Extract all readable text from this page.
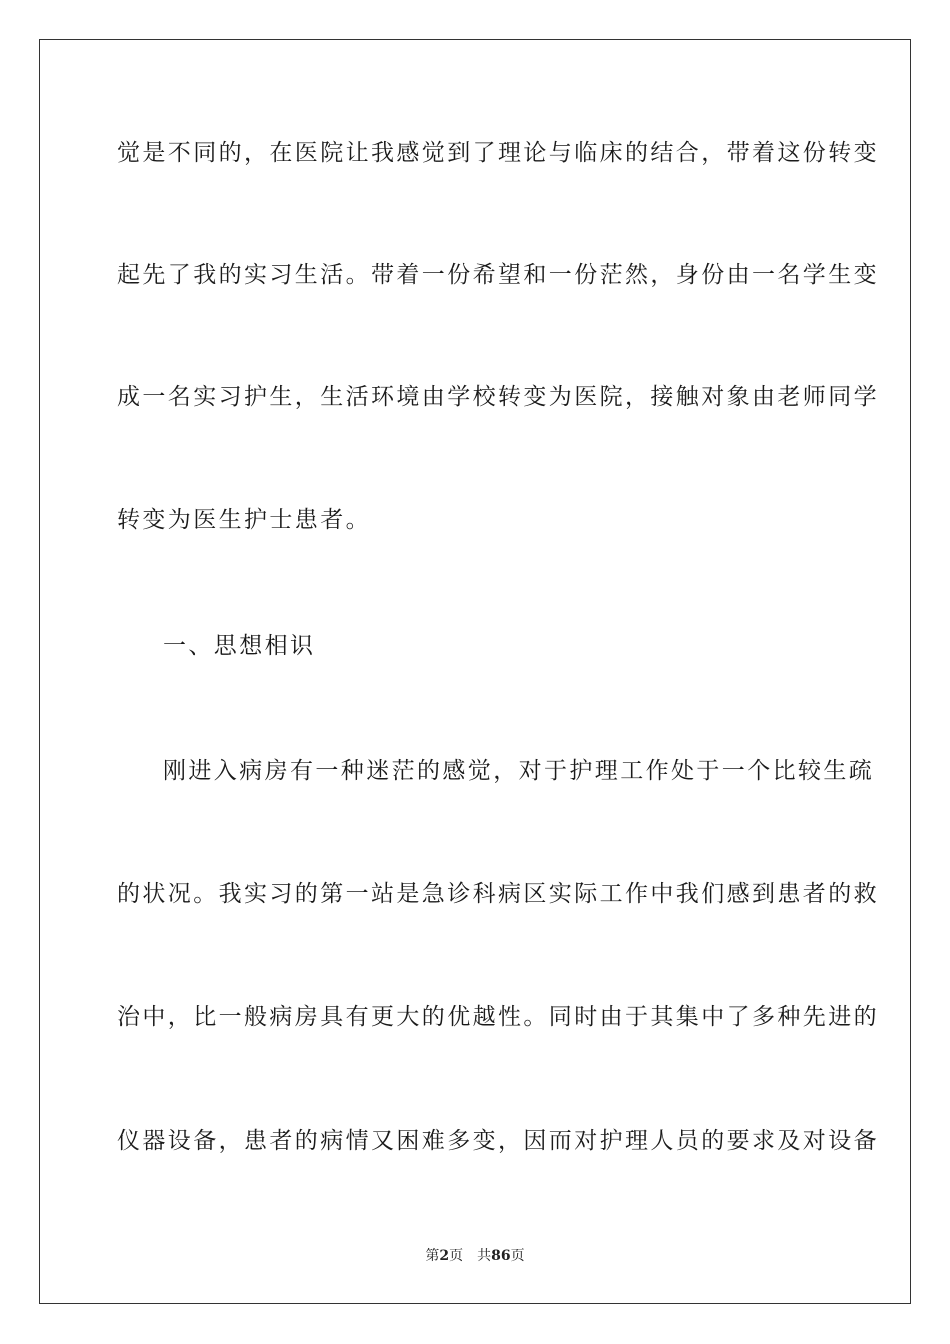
觉是不同的，在医院让我感觉到了理论与临床的结合，带着这份转变
起先了我的实习生活。带着一份希望和一份茫然，身份由一名学生变
成一名实习护生，生活环境由学校转变为医院，接触对象由老师同学
转变为医生护士患者。
一、思想相识
刚进入病房有一种迷茫的感觉，对于护理工作处于一个比较生疏
的状况。我实习的第一站是急诊科病区实际工作中我们感到患者的救
治中，比一般病房具有更大的优越性。同时由于其集中了多种先进的
仪器设备，患者的病情又困难多变，因而对护理人员的要求及对设备
第2页 共86页
